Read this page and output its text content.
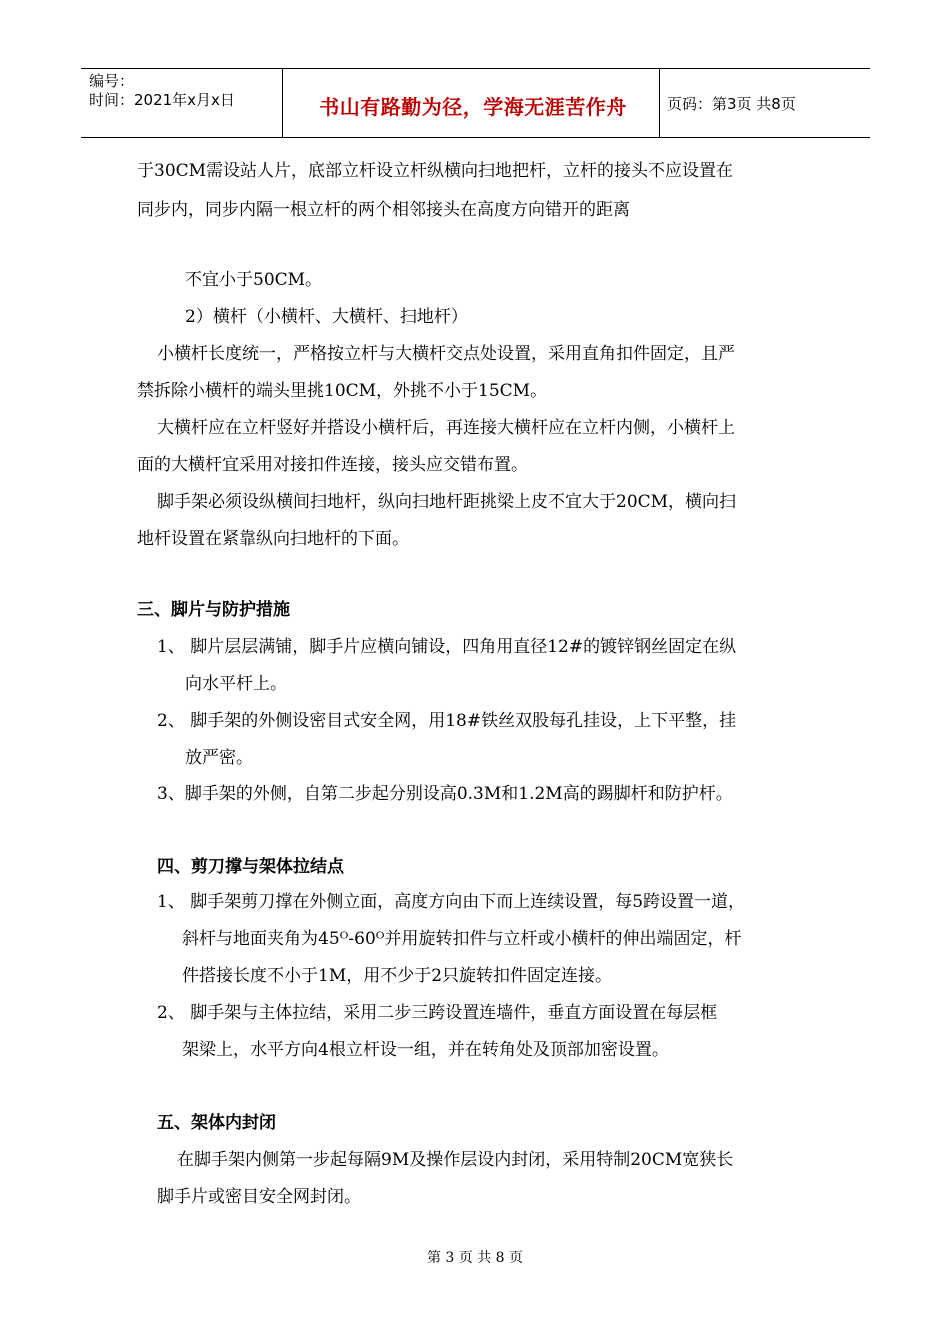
编号：
时间：2021年x月x日	书山有路勤为径，学海无涯苦作舟	页码：第3页 共8页
于30CM需设站人片，底部立杆设立杆纵横向扫地把杆，立杆的接头不应设置在
同步内，同步内隔一根立杆的两个相邻接头在高度方向错开的距离
不宜小于50CM。
2）横杆（小横杆、大横杆、扫地杆）
小横杆长度统一，严格按立杆与大横杆交点处设置，采用直角扣件固定，且严
禁拆除小横杆的端头里挑10CM，外挑不小于15CM。
大横杆应在立杆竖好并搭设小横杆后，再连接大横杆应在立杆内侧，小横杆上
面的大横杆宜采用对接扣件连接，接头应交错布置。
脚手架必须设纵横间扫地杆，纵向扫地杆距挑梁上皮不宜大于20CM，横向扫
地杆设置在紧靠纵向扫地杆的下面。
三、脚片与防护措施
1、 脚片层层满铺，脚手片应横向铺设，四角用直径12#的镀锌钢丝固定在纵
向水平杆上。
2、 脚手架的外侧设密目式安全网，用18#铁丝双股每孔挂设，上下平整，挂
放严密。
3、脚手架的外侧，自第二步起分别设高0.3M和1.2M高的踢脚杆和防护杆。
四、剪刀撑与架体拉结点
1、 脚手架剪刀撑在外侧立面，高度方向由下而上连续设置，每5跨设置一道，
斜杆与地面夹角为45ᴼ-60ᴼ并用旋转扣件与立杆或小横杆的伸出端固定，杆
件搭接长度不小于1M，用不少于2只旋转扣件固定连接。
2、 脚手架与主体拉结，采用二步三跨设置连墙件，垂直方面设置在每层框
架梁上，水平方向4根立杆设一组，并在转角处及顶部加密设置。
五、架体内封闭
在脚手架内侧第一步起每隔9M及操作层设内封闭，采用特制20CM宽狭长
脚手片或密目安全网封闭。
第 3 页 共 8 页
